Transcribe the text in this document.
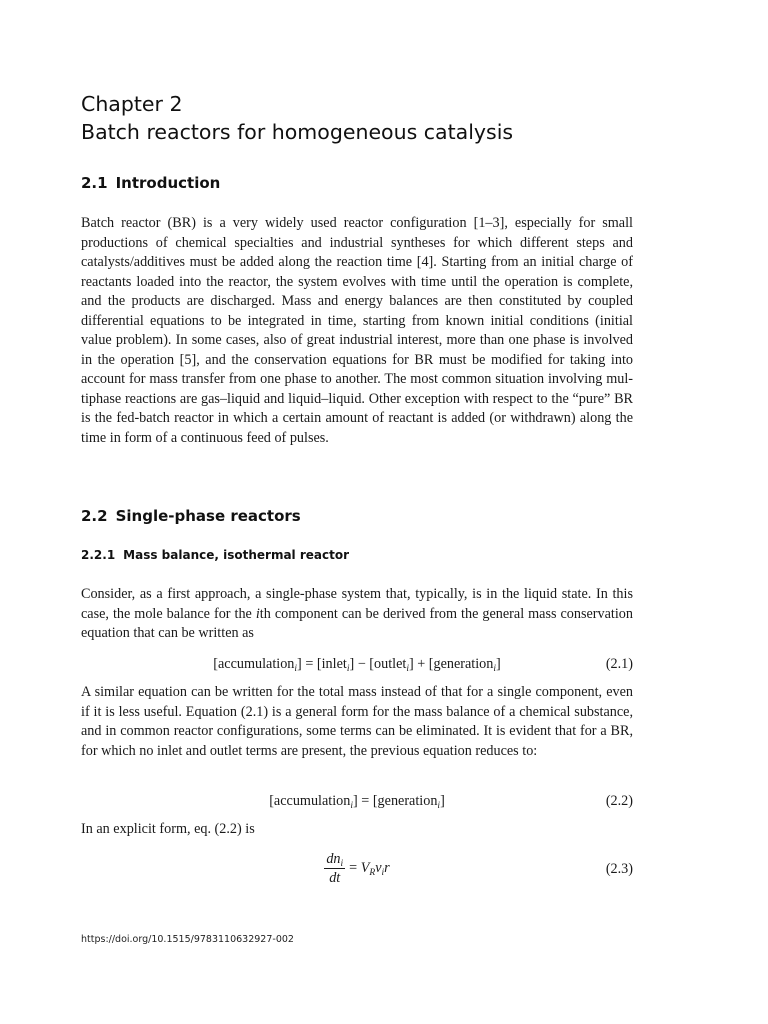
Chapter 2
Batch reactors for homogeneous catalysis
2.1 Introduction

Batch reactor (BR) is a very widely used reactor configuration [1–3], especially for small productions of chemical specialties and industrial syntheses for which different steps and catalysts/additives must be added along the reaction time [4]. Starting from an initial charge of reactants loaded into the reactor, the system evolves with time until the operation is complete, and the products are discharged. Mass and energy balances are then constituted by coupled differential equations to be integrated in time, starting from known initial conditions (initial value problem). In some cases, also of great industrial interest, more than one phase is involved in the operation [5], and the conservation equations for BR must be modified for taking into account for mass transfer from one phase to another. The most common situation involving multiphase reactions are gas–liquid and liquid–liquid. Other exception with respect to the “pure” BR is the fed-batch reactor in which a certain amount of reactant is added (or withdrawn) along the time in form of a continuous feed of pulses.

2.2 Single-phase reactors
2.2.1 Mass balance, isothermal reactor

Consider, as a first approach, a single-phase system that, typically, is in the liquid state. In this case, the mole balance for the ith component can be derived from the general mass conservation equation that can be written as

[accumulation$_i$] = [inlet$_i$] − [outlet$_i$] + [generation$_i$]	(2.1)

A similar equation can be written for the total mass instead of that for a single component, even if it is less useful. Equation (2.1) is a general form for the mass balance of a chemical substance, and in common reactor configurations, some terms can be eliminated. It is evident that for a BR, for which no inlet and outlet terms are present, the previous equation reduces to:

[accumulation$_i$] = [generation$_i$]	(2.2)

In an explicit form, eq. (2.2) is

$\frac{dn_i}{dt} = V_Rv_ir$	(2.3)
https://doi.org/10.1515/9783110632927-002
